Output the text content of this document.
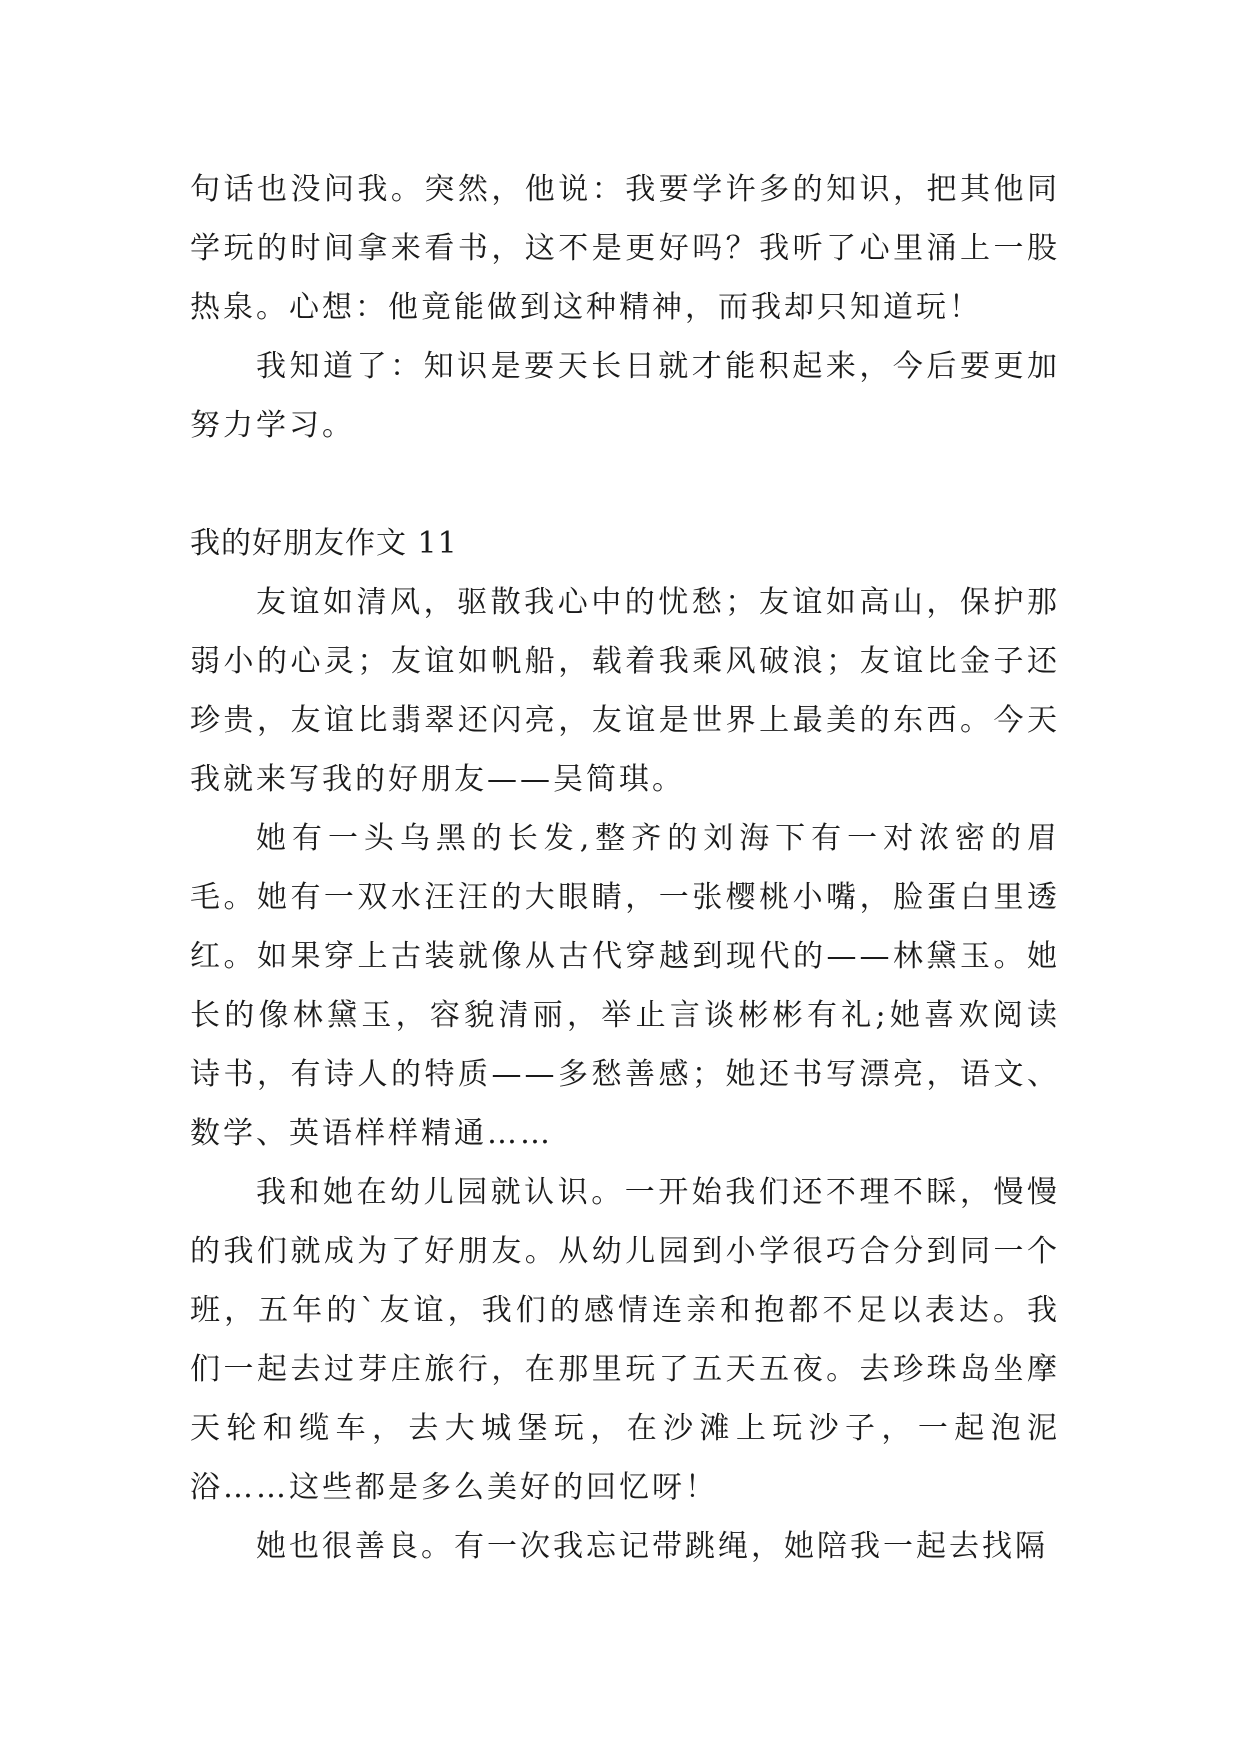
句话也没问我。突然，他说：我要学许多的知识，把其他同学玩的时间拿来看书，这不是更好吗？我听了心里涌上一股热泉。心想：他竟能做到这种精神，而我却只知道玩！

我知道了：知识是要天长日就才能积起来，今后要更加努力学习。

我的好朋友作文 11

友谊如清风，驱散我心中的忧愁；友谊如高山，保护那弱小的心灵；友谊如帆船，载着我乘风破浪；友谊比金子还珍贵，友谊比翡翠还闪亮，友谊是世界上最美的东西。今天我就来写我的好朋友——吴简琪。

她有一头乌黑的长发,整齐的刘海下有一对浓密的眉毛。她有一双水汪汪的大眼睛，一张樱桃小嘴，脸蛋白里透红。如果穿上古装就像从古代穿越到现代的——林黛玉。她长的像林黛玉，容貌清丽，举止言谈彬彬有礼;她喜欢阅读诗书，有诗人的特质——多愁善感；她还书写漂亮，语文、数学、英语样样精通……

我和她在幼儿园就认识。一开始我们还不理不睬，慢慢的我们就成为了好朋友。从幼儿园到小学很巧合分到同一个班，五年的`友谊，我们的感情连亲和抱都不足以表达。我们一起去过芽庄旅行，在那里玩了五天五夜。去珍珠岛坐摩天轮和缆车，去大城堡玩，在沙滩上玩沙子，一起泡泥浴……这些都是多么美好的回忆呀！

她也很善良。有一次我忘记带跳绳，她陪我一起去找隔
